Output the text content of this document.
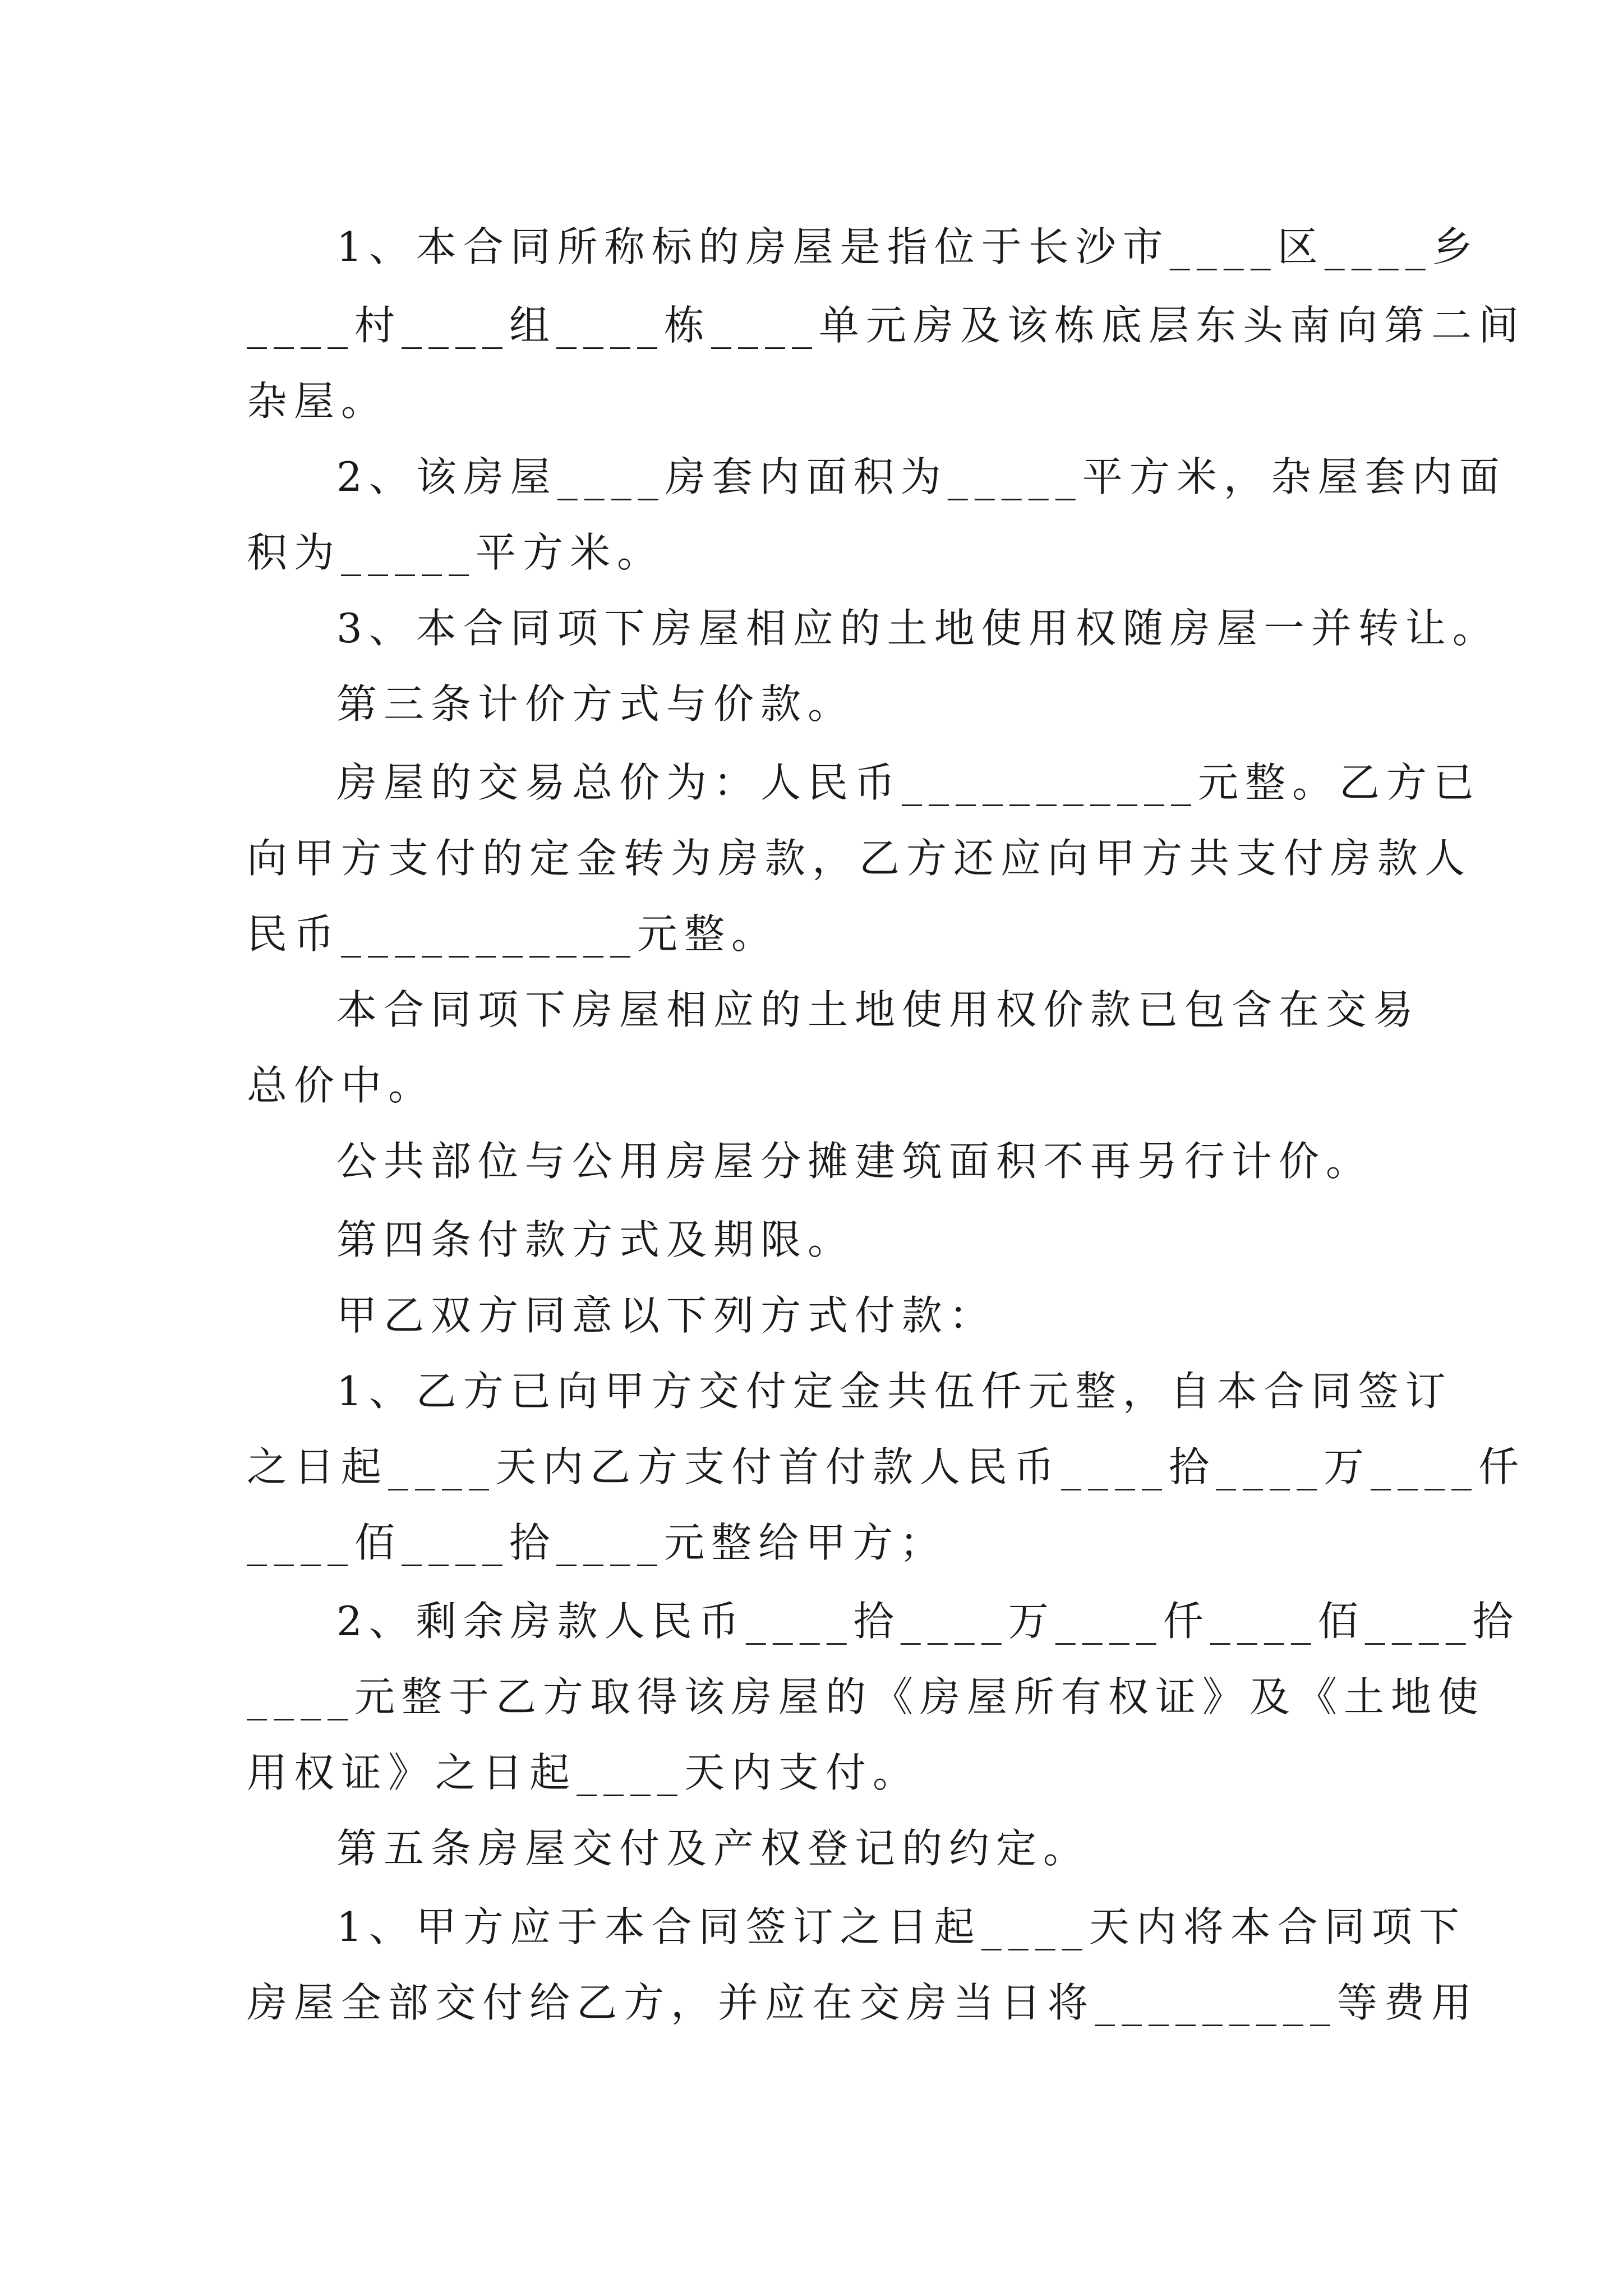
1、本合同所称标的房屋是指位于长沙市____区____乡
____村____组____栋____单元房及该栋底层东头南向第二间
杂屋。
2、该房屋____房套内面积为_____平方米，杂屋套内面
积为_____平方米。
3、本合同项下房屋相应的土地使用权随房屋一并转让。
第三条计价方式与价款。
房屋的交易总价为：人民币___________元整。乙方已
向甲方支付的定金转为房款，乙方还应向甲方共支付房款人
民币___________元整。
本合同项下房屋相应的土地使用权价款已包含在交易
总价中。
公共部位与公用房屋分摊建筑面积不再另行计价。
第四条付款方式及期限。
甲乙双方同意以下列方式付款：
1、乙方已向甲方交付定金共伍仟元整，自本合同签订
之日起____天内乙方支付首付款人民币____拾____万____仟
____佰____拾____元整给甲方；
2、剩余房款人民币____拾____万____仟____佰____拾
____元整于乙方取得该房屋的《房屋所有权证》及《土地使
用权证》之日起____天内支付。
第五条房屋交付及产权登记的约定。
1、甲方应于本合同签订之日起____天内将本合同项下
房屋全部交付给乙方，并应在交房当日将_________等费用
